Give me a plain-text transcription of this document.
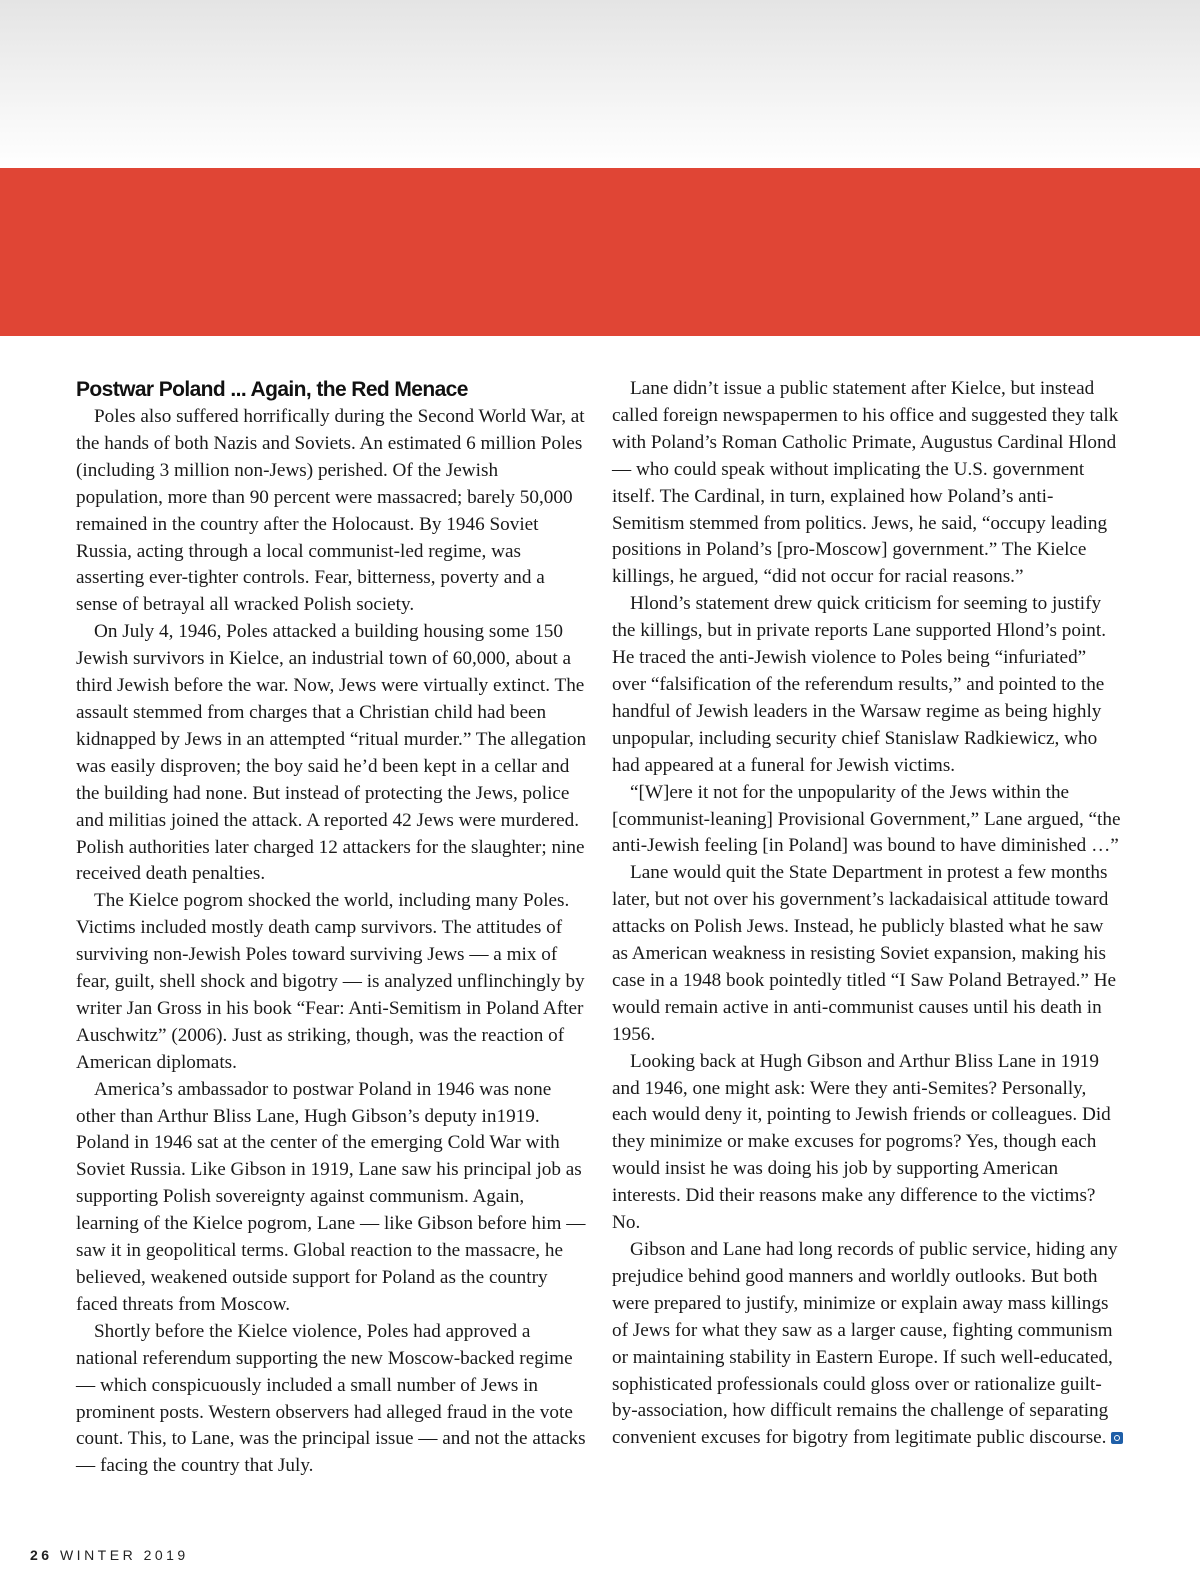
Postwar Poland ... Again, the Red Menace

Poles also suffered horrifically during the Second World War, at the hands of both Nazis and Soviets. An estimated 6 million Poles (including 3 million non-Jews) perished. Of the Jewish population, more than 90 percent were massacred; barely 50,000 remained in the country after the Holocaust. By 1946 Soviet Russia, acting through a local communist-led regime, was asserting ever-tighter controls. Fear, bitterness, poverty and a sense of betrayal all wracked Polish society.

On July 4, 1946, Poles attacked a building housing some 150 Jewish survivors in Kielce, an industrial town of 60,000, about a third Jewish before the war. Now, Jews were virtually extinct. The assault stemmed from charges that a Christian child had been kidnapped by Jews in an attempted “ritual murder.” The allegation was easily disproven; the boy said he’d been kept in a cellar and the building had none. But instead of protecting the Jews, police and militias joined the attack. A reported 42 Jews were murdered. Polish authorities later charged 12 attackers for the slaughter; nine received death penalties.

The Kielce pogrom shocked the world, including many Poles. Victims included mostly death camp survivors. The attitudes of surviving non-Jewish Poles toward surviving Jews — a mix of fear, guilt, shell shock and bigotry — is analyzed unflinchingly by writer Jan Gross in his book “Fear: Anti-Semitism in Poland After Auschwitz” (2006). Just as striking, though, was the reaction of American diplomats.

America’s ambassador to postwar Poland in 1946 was none other than Arthur Bliss Lane, Hugh Gibson’s deputy in1919. Poland in 1946 sat at the center of the emerging Cold War with Soviet Russia. Like Gibson in 1919, Lane saw his principal job as supporting Polish sovereignty against communism. Again, learning of the Kielce pogrom, Lane — like Gibson before him — saw it in geopolitical terms. Global reaction to the massacre, he believed, weakened outside support for Poland as the country faced threats from Moscow.

Shortly before the Kielce violence, Poles had approved a national referendum supporting the new Moscow-backed regime — which conspicuously included a small number of Jews in prominent posts. Western observers had alleged fraud in the vote count. This, to Lane, was the principal issue — and not the attacks — facing the country that July.

Lane didn’t issue a public statement after Kielce, but instead called foreign newspapermen to his office and suggested they talk with Poland’s Roman Catholic Primate, Augustus Cardinal Hlond — who could speak without implicating the U.S. government itself. The Cardinal, in turn, explained how Poland’s anti-Semitism stemmed from politics. Jews, he said, “occupy leading positions in Poland’s [pro-Moscow] government.” The Kielce killings, he argued, “did not occur for racial reasons.”

Hlond’s statement drew quick criticism for seeming to justify the killings, but in private reports Lane supported Hlond’s point. He traced the anti-Jewish violence to Poles being “infuriated” over “falsification of the referendum results,” and pointed to the handful of Jewish leaders in the Warsaw regime as being highly unpopular, including security chief Stanislaw Radkiewicz, who had appeared at a funeral for Jewish victims.

“[W]ere it not for the unpopularity of the Jews within the [communist-leaning] Provisional Government,” Lane argued, “the anti-Jewish feeling [in Poland] was bound to have diminished …”

Lane would quit the State Department in protest a few months later, but not over his government’s lackadaisical attitude toward attacks on Polish Jews. Instead, he publicly blasted what he saw as American weakness in resisting Soviet expansion, making his case in a 1948 book pointedly titled “I Saw Poland Betrayed.” He would remain active in anti-communist causes until his death in 1956.

Looking back at Hugh Gibson and Arthur Bliss Lane in 1919 and 1946, one might ask: Were they anti-Semites? Personally, each would deny it, pointing to Jewish friends or colleagues. Did they minimize or make excuses for pogroms? Yes, though each would insist he was doing his job by supporting American interests. Did their reasons make any difference to the victims? No.

Gibson and Lane had long records of public service, hiding any prejudice behind good manners and worldly outlooks. But both were prepared to justify, minimize or explain away mass killings of Jews for what they saw as a larger cause, fighting communism or maintaining stability in Eastern Europe. If such well-educated, sophisticated professionals could gloss over or rationalize guilt-by-association, how difficult remains the challenge of separating convenient excuses for bigotry from legitimate public discourse.

26 WINTER 2019
